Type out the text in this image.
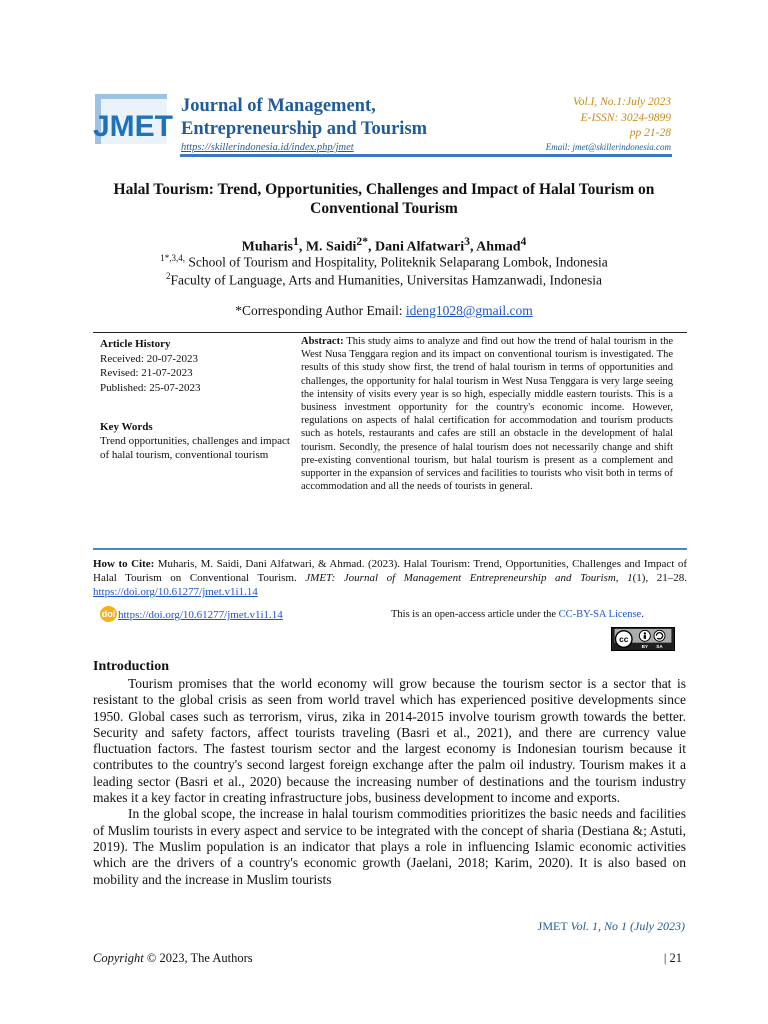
JMET
Journal of Management,
Entrepreneurship and Tourism
https://skillerindonesia.id/index.php/jmet
Vol.I, No.1:July 2023
E-ISSN: 3024-9899
pp 21-28
Email: jmet@skillerindonesia.com
Halal Tourism: Trend, Opportunities, Challenges and Impact of Halal Tourism on Conventional Tourism
Muharis$^1$, M. Saidi$^{2*}$, Dani Alfatwari$^3$, Ahmad$^4$
$^{1*,3,4,}$ School of Tourism and Hospitality, Politeknik Selaparang Lombok, Indonesia
$^2$Faculty of Language, Arts and Humanities, Universitas Hamzanwadi, Indonesia
*Corresponding Author Email: ideng1028@gmail.com
Article History
Received: 20-07-2023
Revised: 21-07-2023
Published: 25-07-2023
Key Words
Trend opportunities, challenges and impact of halal tourism, conventional tourism
Abstract: This study aims to analyze and find out how the trend of halal tourism in the West Nusa Tenggara region and its impact on conventional tourism is investigated. The results of this study show first, the trend of halal tourism in terms of opportunities and challenges, the opportunity for halal tourism in West Nusa Tenggara is very large seeing the intensity of visits every year is so high, especially middle eastern tourists. This is a business investment opportunity for the country's economic income. However, regulations on aspects of halal certification for accommodation and tourism products such as hotels, restaurants and cafes are still an obstacle in the development of halal tourism. Secondly, the presence of halal tourism does not necessarily change and shift pre-existing conventional tourism, but halal tourism is present as a complement and supporter in the expansion of services and facilities to tourists who visit both in terms of accommodation and all the needs of tourists in general.
How to Cite: Muharis, M. Saidi, Dani Alfatwari, & Ahmad. (2023). Halal Tourism: Trend, Opportunities, Challenges and Impact of Halal Tourism on Conventional Tourism. JMET: Journal of Management Entrepreneurship and Tourism, 1(1), 21–28. https://doi.org/10.61277/jmet.v1i1.14
doi https://doi.org/10.61277/jmet.v1i1.14	This is an open-access article under the CC-BY-SA License.
cc
BY SA
Introduction

Tourism promises that the world economy will grow because the tourism sector is a sector that is resistant to the global crisis as seen from world travel which has experienced positive developments since 1950. Global cases such as terrorism, virus, zika in 2014-2015 involve tourism growth towards the better. Security and safety factors, affect tourists traveling (Basri et al., 2021), and there are currency value fluctuation factors. The fastest tourism sector and the largest economy is Indonesian tourism because it contributes to the country's second largest foreign exchange after the palm oil industry. Tourism makes it a leading sector (Basri et al., 2020) because the increasing number of destinations and the tourism industry makes it a key factor in creating infrastructure jobs, business development to income and exports.

In the global scope, the increase in halal tourism commodities prioritizes the basic needs and facilities of Muslim tourists in every aspect and service to be integrated with the concept of sharia (Destiana &; Astuti, 2019). The Muslim population is an indicator that plays a role in influencing Islamic economic activities which are the drivers of a country's economic growth (Jaelani, 2018; Karim, 2020). It is also based on mobility and the increase in Muslim tourists

JMET Vol. 1, No 1 (July 2023)
Copyright © 2023, The Authors	| 21
